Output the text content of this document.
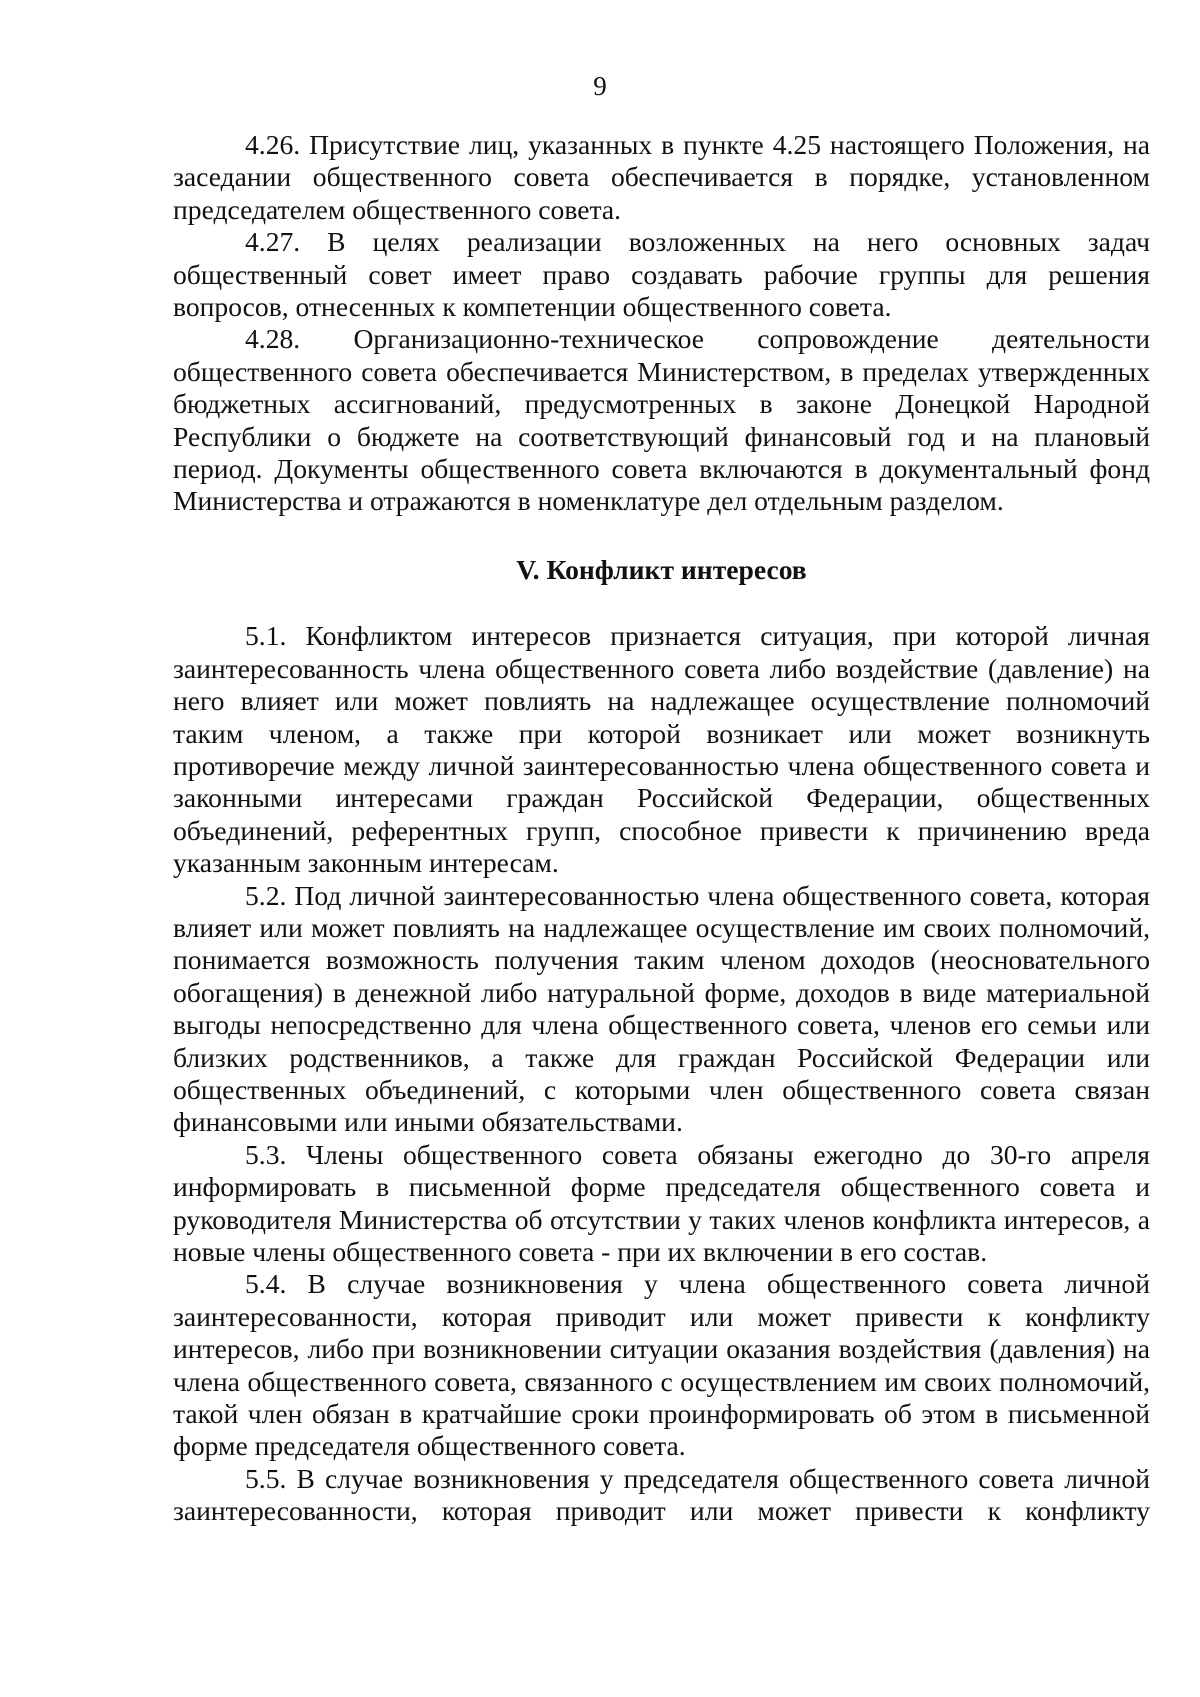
9

4.26. Присутствие лиц, указанных в пункте 4.25 настоящего Положения, на заседании общественного совета обеспечивается в порядке, установленном председателем общественного совета.

4.27. В целях реализации возложенных на него основных задач общественный совет имеет право создавать рабочие группы для решения вопросов, отнесенных к компетенции общественного совета.

4.28. Организационно-техническое сопровождение деятельности общественного совета обеспечивается Министерством, в пределах утвержденных бюджетных ассигнований, предусмотренных в законе Донецкой Народной Республики о бюджете на соответствующий финансовый год и на плановый период. Документы общественного совета включаются в документальный фонд Министерства и отражаются в номенклатуре дел отдельным разделом.

V. Конфликт интересов

5.1. Конфликтом интересов признается ситуация, при которой личная заинтересованность члена общественного совета либо воздействие (давление) на него влияет или может повлиять на надлежащее осуществление полномочий таким членом, а также при которой возникает или может возникнуть противоречие между личной заинтересованностью члена общественного совета и законными интересами граждан Российской Федерации, общественных объединений, референтных групп, способное привести к причинению вреда указанным законным интересам.

5.2. Под личной заинтересованностью члена общественного совета, которая влияет или может повлиять на надлежащее осуществление им своих полномочий, понимается возможность получения таким членом доходов (неосновательного обогащения) в денежной либо натуральной форме, доходов в виде материальной выгоды непосредственно для члена общественного совета, членов его семьи или близких родственников, а также для граждан Российской Федерации или общественных объединений, с которыми член общественного совета связан финансовыми или иными обязательствами.

5.3. Члены общественного совета обязаны ежегодно до 30-го апреля информировать в письменной форме председателя общественного совета и руководителя Министерства об отсутствии у таких членов конфликта интересов, а новые члены общественного совета - при их включении в его состав.

5.4. В случае возникновения у члена общественного совета личной заинтересованности, которая приводит или может привести к конфликту интересов, либо при возникновении ситуации оказания воздействия (давления) на члена общественного совета, связанного с осуществлением им своих полномочий, такой член обязан в кратчайшие сроки проинформировать об этом в письменной форме председателя общественного совета.

5.5. В случае возникновения у председателя общественного совета личной заинтересованности, которая приводит или может привести к конфликту
